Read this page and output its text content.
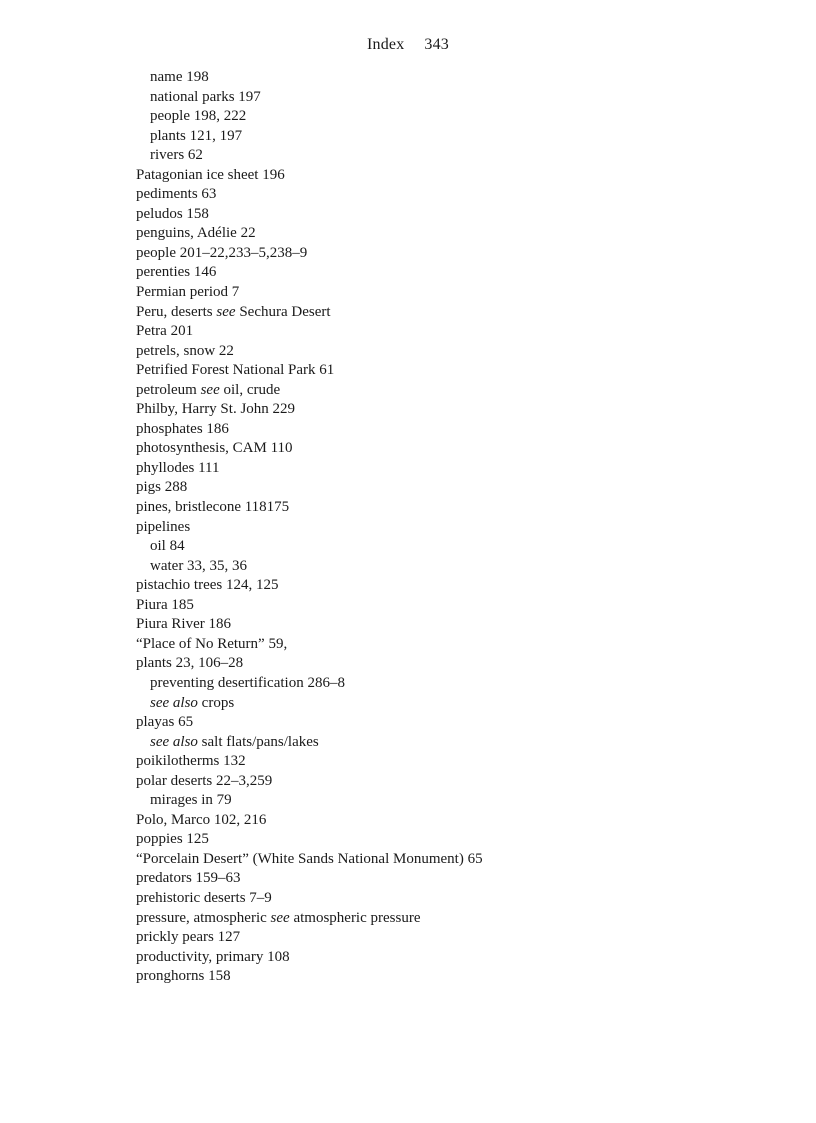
Index 343
name 198
national parks 197
people 198, 222
plants 121, 197
rivers 62
Patagonian ice sheet 196
pediments 63
peludos 158
penguins, Adélie 22
people 201–22,233–5,238–9
perenties 146
Permian period 7
Peru, deserts see Sechura Desert
Petra 201
petrels, snow 22
Petrified Forest National Park 61
petroleum see oil, crude
Philby, Harry St. John 229
phosphates 186
photosynthesis, CAM 110
phyllodes 111
pigs 288
pines, bristlecone 118175
pipelines
oil 84
water 33, 35, 36
pistachio trees 124, 125
Piura 185
Piura River 186
“Place of No Return” 59,
plants 23, 106–28
preventing desertification 286–8
see also crops
playas 65
see also salt flats/pans/lakes
poikilotherms 132
polar deserts 22–3,259
mirages in 79
Polo, Marco 102, 216
poppies 125
“Porcelain Desert” (White Sands National Monument) 65
predators 159–63
prehistoric deserts 7–9
pressure, atmospheric see atmospheric pressure
prickly pears 127
productivity, primary 108
pronghorns 158
